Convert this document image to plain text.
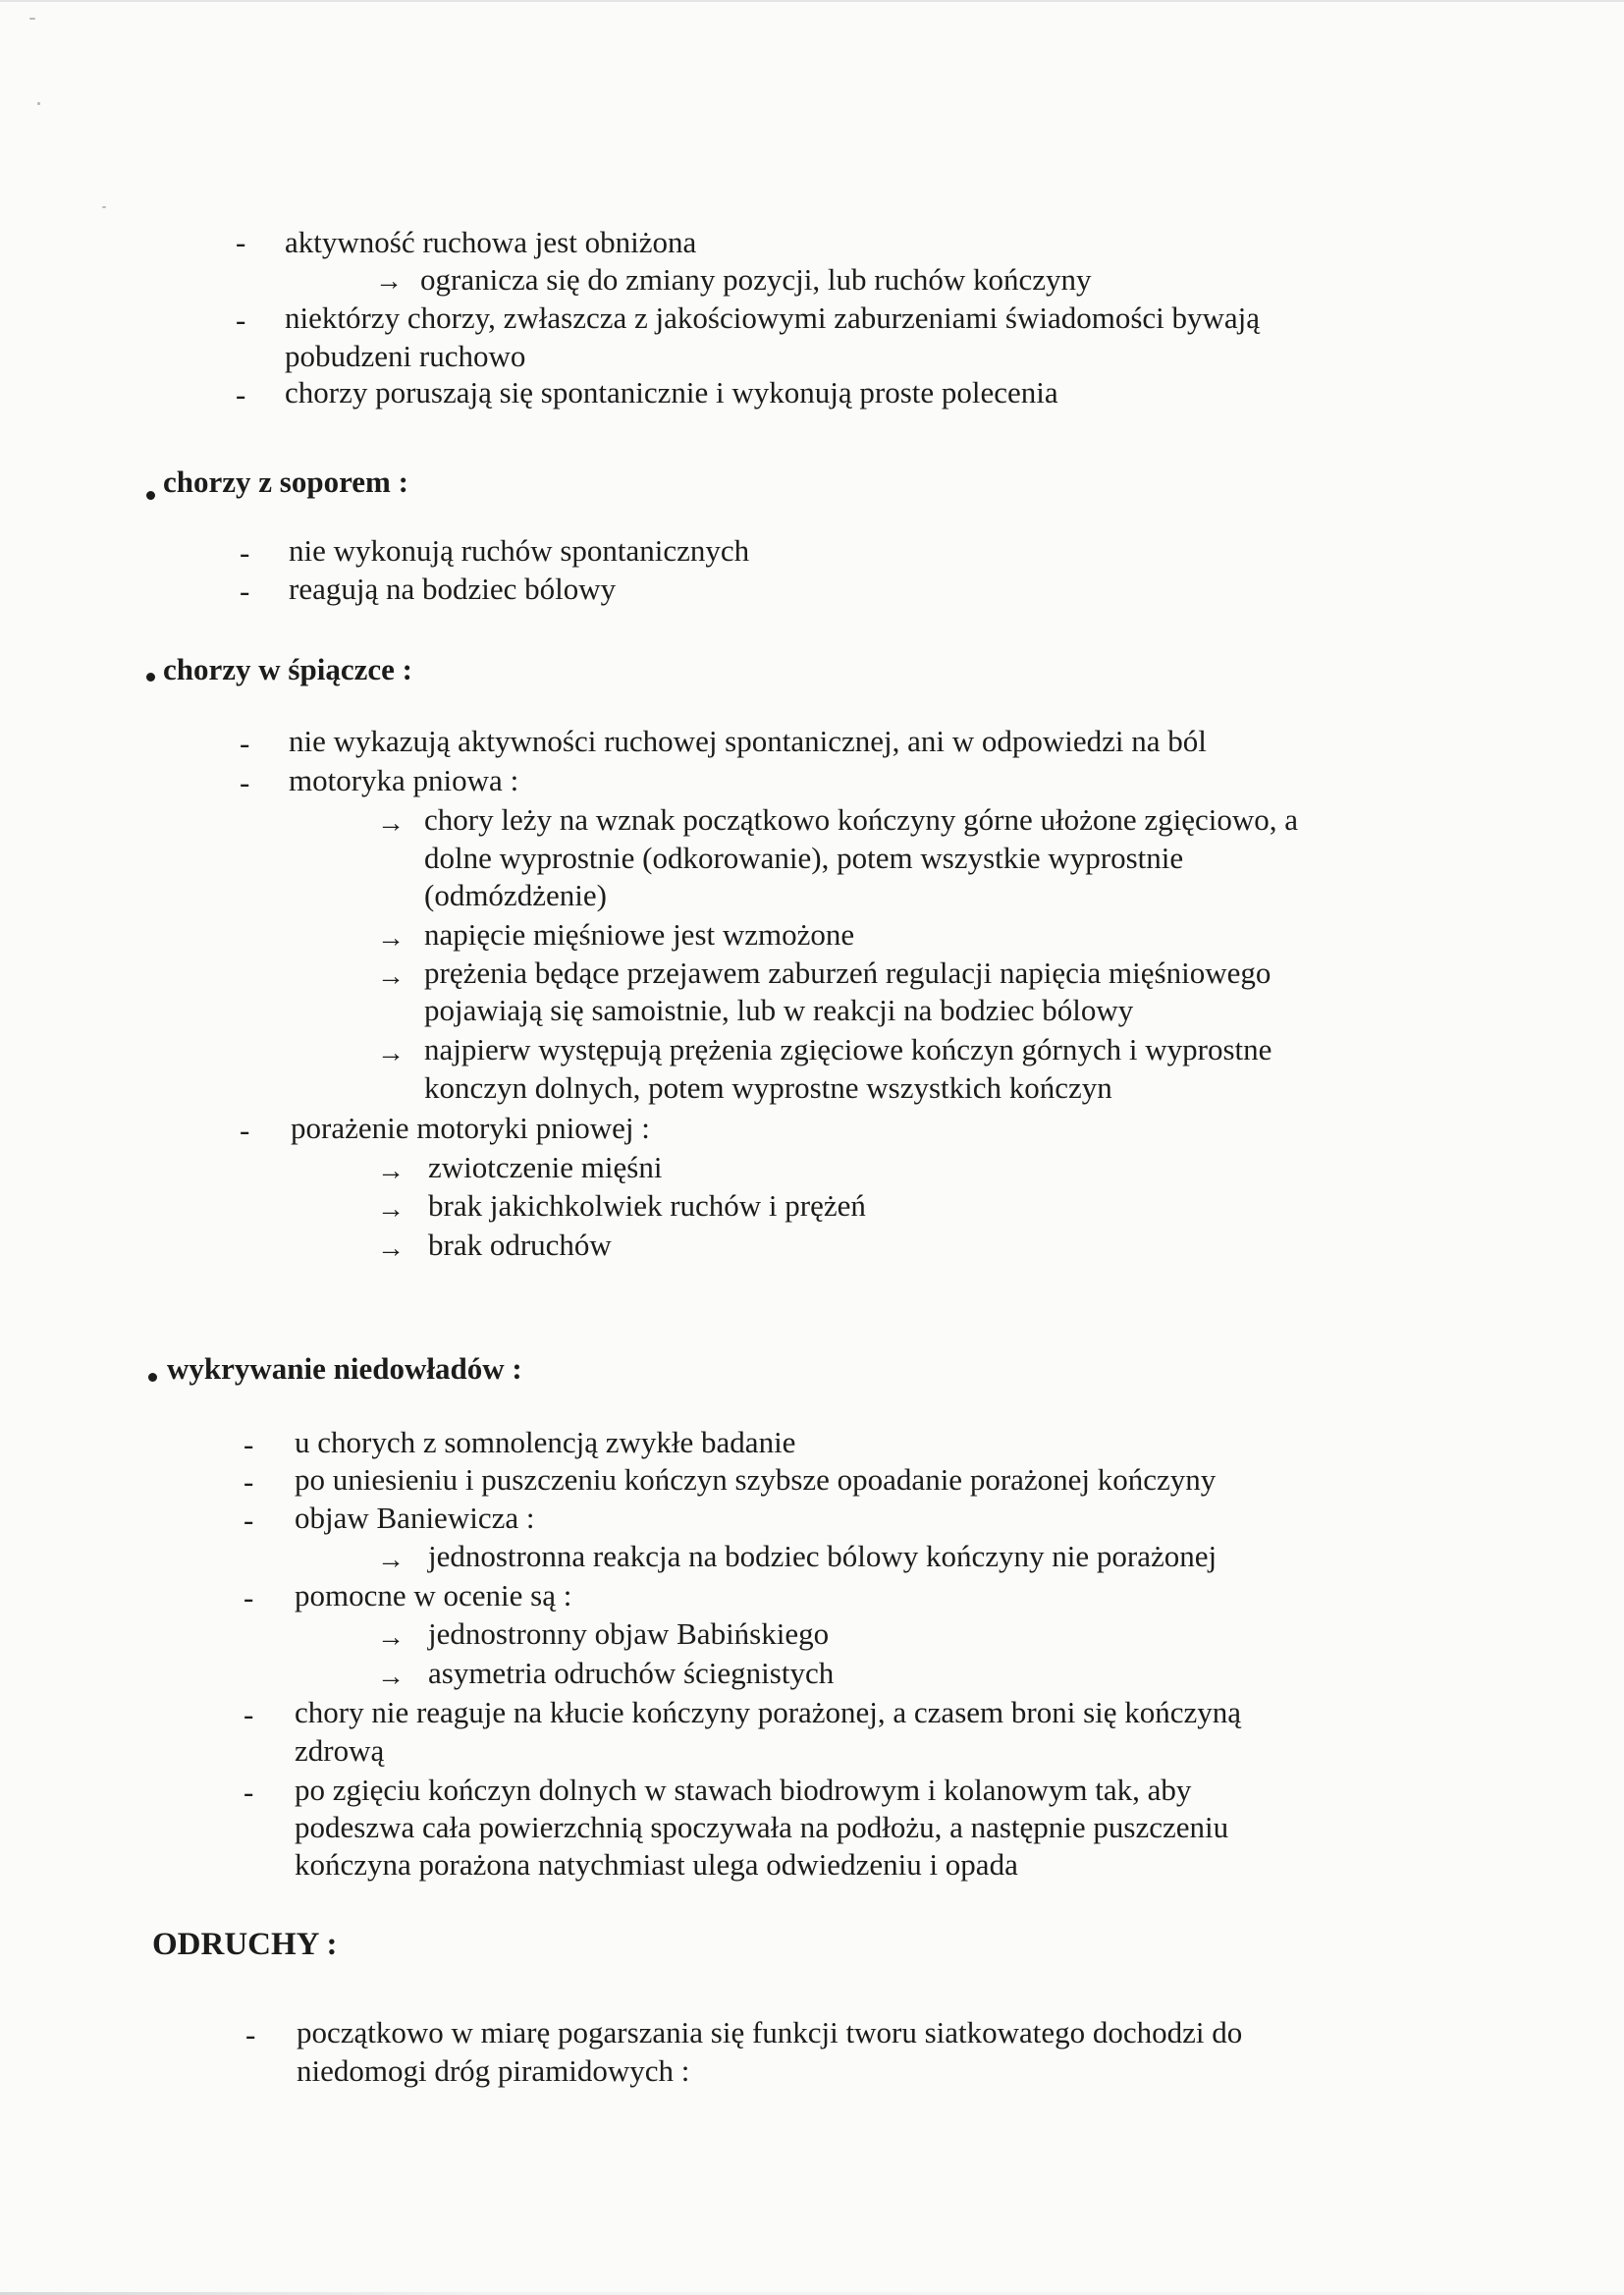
- aktywność ruchowa jest obniżona
→ ogranicza się do zmiany pozycji, lub ruchów kończyny
- niektórzy chorzy, zwłaszcza z jakościowymi zaburzeniami świadomości bywają
pobudzeni ruchowo
- chorzy poruszają się spontanicznie i wykonują proste polecenia
chorzy z soporem :
- nie wykonują ruchów spontanicznych
- reagują na bodziec bólowy
chorzy w śpiączce :
- nie wykazują aktywności ruchowej spontanicznej, ani w odpowiedzi na ból
- motoryka pniowa :
→ chory leży na wznak początkowo kończyny górne ułożone zgięciowo, a
dolne wyprostnie (odkorowanie), potem wszystkie wyprostnie
(odmózdżenie)
→ napięcie mięśniowe jest wzmożone
→ prężenia będące przejawem zaburzeń regulacji napięcia mięśniowego
pojawiają się samoistnie, lub w reakcji na bodziec bólowy
→ najpierw występują prężenia zgięciowe kończyn górnych i wyprostne
konczyn dolnych, potem wyprostne wszystkich kończyn
- porażenie motoryki pniowej :
→ zwiotczenie mięśni
→ brak jakichkolwiek ruchów i prężeń
→ brak odruchów
wykrywanie niedowładów :
- u chorych z somnolencją zwykłe badanie
- po uniesieniu i puszczeniu kończyn szybsze opoadanie porażonej kończyny
- objaw Baniewicza :
→ jednostronna reakcja na bodziec bólowy kończyny nie porażonej
- pomocne w ocenie są :
→ jednostronny objaw Babińskiego
→ asymetria odruchów ściegnistych
- chory nie reaguje na kłucie kończyny porażonej, a czasem broni się kończyną
zdrową
- po zgięciu kończyn dolnych w stawach biodrowym i kolanowym tak, aby
podeszwa cała powierzchnią spoczywała na podłożu, a następnie puszczeniu
kończyna porażona natychmiast ulega odwiedzeniu i opada
ODRUCHY :
- początkowo w miarę pogarszania się funkcji tworu siatkowatego dochodzi do
niedomogi dróg piramidowych :
